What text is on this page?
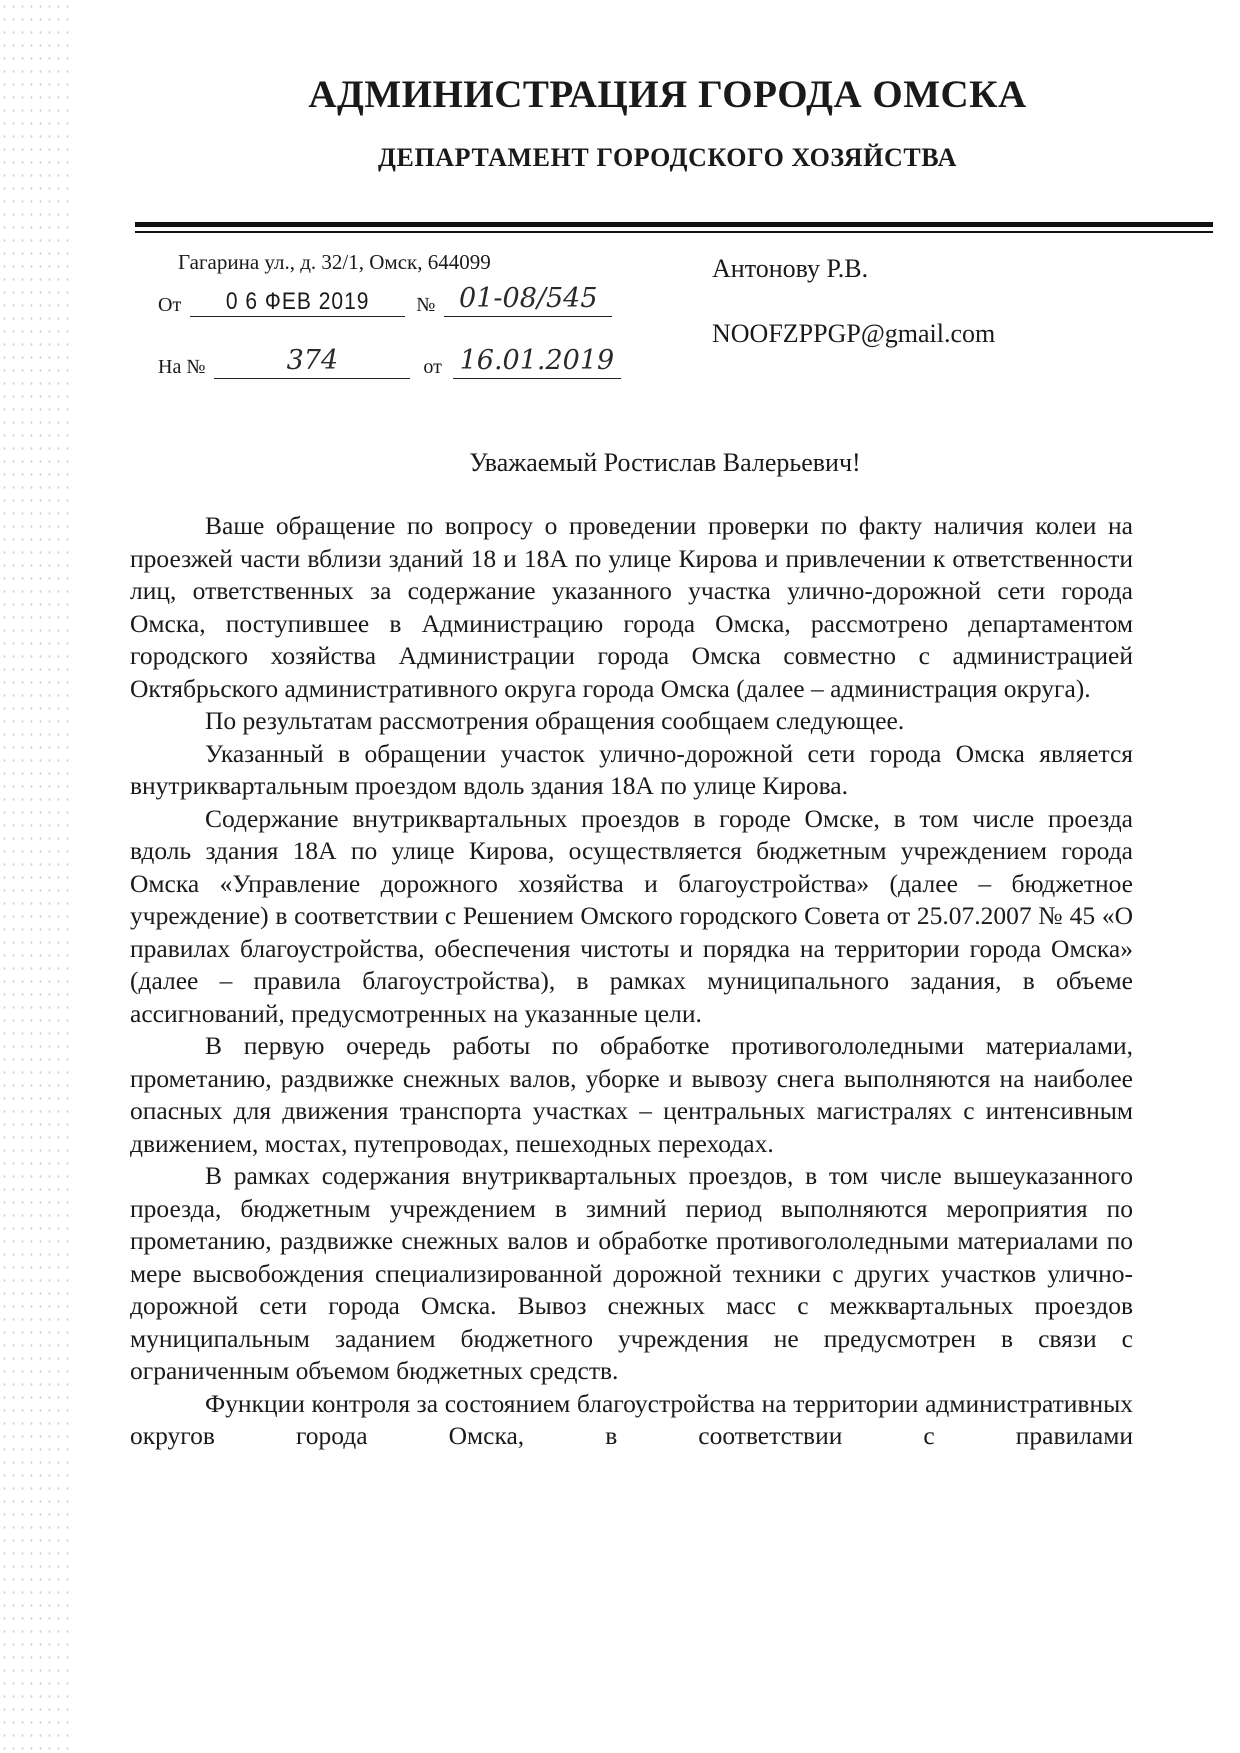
АДМИНИСТРАЦИЯ ГОРОДА ОМСКА
ДЕПАРТАМЕНТ ГОРОДСКОГО ХОЗЯЙСТВА
Гагарина ул., д. 32/1, Омск, 644099
От	0 6 ФЕВ 2019	№ 01-08/545
На №	374	от 16.01.2019
Антонову Р.В.
NOOFZPPGP@gmail.com
Уважаемый Ростислав Валерьевич!

Ваше обращение по вопросу о проведении проверки по факту наличия колеи на проезжей части вблизи зданий 18 и 18А по улице Кирова и привлечении к ответственности лиц, ответственных за содержание указанного участка улично-дорожной сети города Омска, поступившее в Администрацию города Омска, рассмотрено департаментом городского хозяйства Администрации города Омска совместно с администрацией Октябрьского административного округа города Омска (далее – администрация округа).

По результатам рассмотрения обращения сообщаем следующее.

Указанный в обращении участок улично-дорожной сети города Омска является внутриквартальным проездом вдоль здания 18А по улице Кирова.

Содержание внутриквартальных проездов в городе Омске, в том числе проезда вдоль здания 18А по улице Кирова, осуществляется бюджетным учреждением города Омска «Управление дорожного хозяйства и благоустройства» (далее – бюджетное учреждение) в соответствии с Решением Омского городского Совета от 25.07.2007 № 45 «О правилах благоустройства, обеспечения чистоты и порядка на территории города Омска» (далее – правила благоустройства), в рамках муниципального задания, в объеме ассигнований, предусмотренных на указанные цели.

В первую очередь работы по обработке противогололедными материалами, прометанию, раздвижке снежных валов, уборке и вывозу снега выполняются на наиболее опасных для движения транспорта участках – центральных магистралях с интенсивным движением, мостах, путепроводах, пешеходных переходах.

В рамках содержания внутриквартальных проездов, в том числе вышеуказанного проезда, бюджетным учреждением в зимний период выполняются мероприятия по прометанию, раздвижке снежных валов и обработке противогололедными материалами по мере высвобождения специализированной дорожной техники с других участков улично-дорожной сети города Омска. Вывоз снежных масс с межквартальных проездов муниципальным заданием бюджетного учреждения не предусмотрен в связи с ограниченным объемом бюджетных средств.

Функции контроля за состоянием благоустройства на территории административных округов города Омска, в соответствии с правилами
